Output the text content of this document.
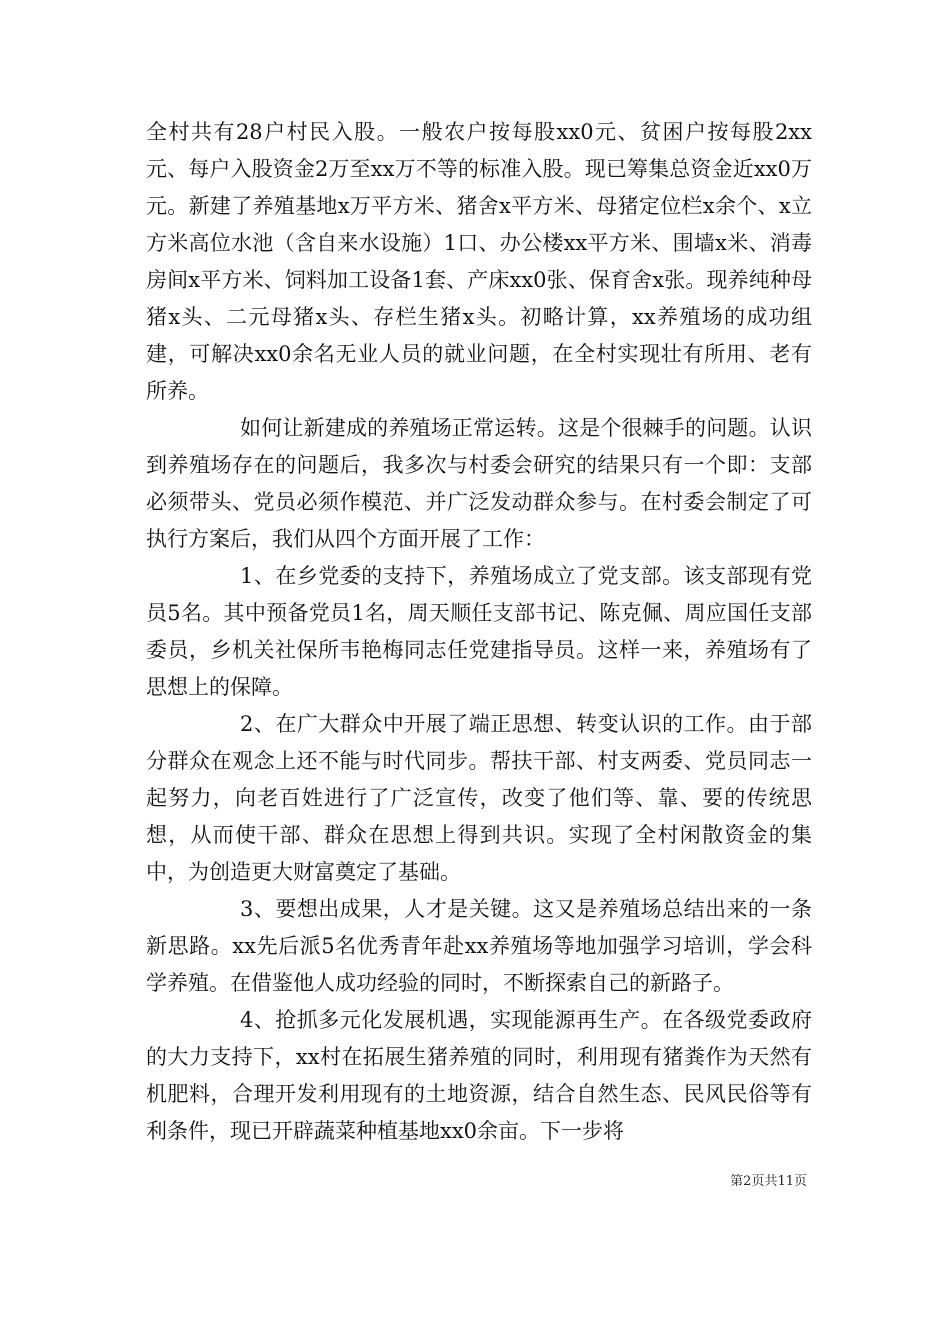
全村共有28户村民入股。一般农户按每股xx0元、贫困户按每股2xx元、每户入股资金2万至xx万不等的标准入股。现已筹集总资金近xx0万元。新建了养殖基地x万平方米、猪舍x平方米、母猪定位栏x余个、x立方米高位水池（含自来水设施）1口、办公楼xx平方米、围墙x米、消毒房间x平方米、饲料加工设备1套、产床xx0张、保育舍x张。现养纯种母猪x头、二元母猪x头、存栏生猪x头。初略计算，xx养殖场的成功组建，可解决xx0余名无业人员的就业问题，在全村实现壮有所用、老有所养。

如何让新建成的养殖场正常运转。这是个很棘手的问题。认识到养殖场存在的问题后，我多次与村委会研究的结果只有一个即：支部必须带头、党员必须作模范、并广泛发动群众参与。在村委会制定了可执行方案后，我们从四个方面开展了工作：

1、在乡党委的支持下，养殖场成立了党支部。该支部现有党员5名。其中预备党员1名，周天顺任支部书记、陈克佩、周应国任支部委员，乡机关社保所韦艳梅同志任党建指导员。这样一来，养殖场有了思想上的保障。

2、在广大群众中开展了端正思想、转变认识的工作。由于部分群众在观念上还不能与时代同步。帮扶干部、村支两委、党员同志一起努力，向老百姓进行了广泛宣传，改变了他们等、靠、要的传统思想，从而使干部、群众在思想上得到共识。实现了全村闲散资金的集中，为创造更大财富奠定了基础。

3、要想出成果，人才是关键。这又是养殖场总结出来的一条新思路。xx先后派5名优秀青年赴xx养殖场等地加强学习培训，学会科学养殖。在借鉴他人成功经验的同时，不断探索自己的新路子。

4、抢抓多元化发展机遇，实现能源再生产。在各级党委政府的大力支持下，xx村在拓展生猪养殖的同时，利用现有猪粪作为天然有机肥料，合理开发利用现有的土地资源，结合自然生态、民风民俗等有利条件，现已开辟蔬菜种植基地xx0余亩。下一步将

第2页共11页
